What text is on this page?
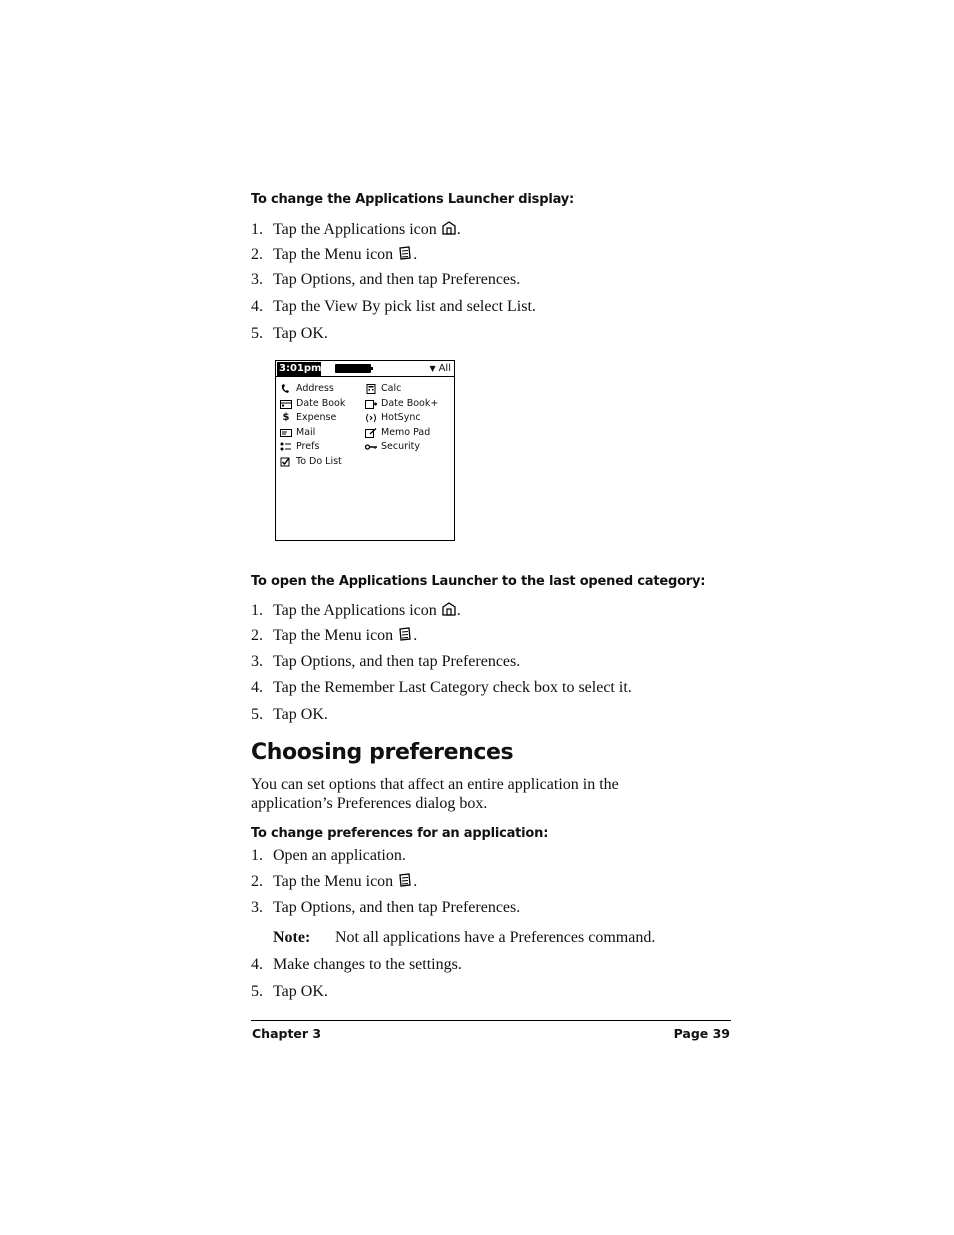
To change the Applications Launcher display:
1. Tap the Applications icon .
2. Tap the Menu icon .
3. Tap Options, and then tap Preferences.
4. Tap the View By pick list and select List.
5. Tap OK.
3:01pm	▼ All
Address
Date Book
$ Expense
Mail
Prefs
To Do List
Calc
Date Book+
HotSync
Memo Pad
Security
To open the Applications Launcher to the last opened category:
1. Tap the Applications icon .
2. Tap the Menu icon .
3. Tap Options, and then tap Preferences.
4. Tap the Remember Last Category check box to select it.
5. Tap OK.
Choosing preferences
You can set options that affect an entire application in the application’s Preferences dialog box.
To change preferences for an application:
1. Open an application.
2. Tap the Menu icon .
3. Tap Options, and then tap Preferences.
Note: Not all applications have a Preferences command.
4. Make changes to the settings.
5. Tap OK.
Chapter 3	Page 39
